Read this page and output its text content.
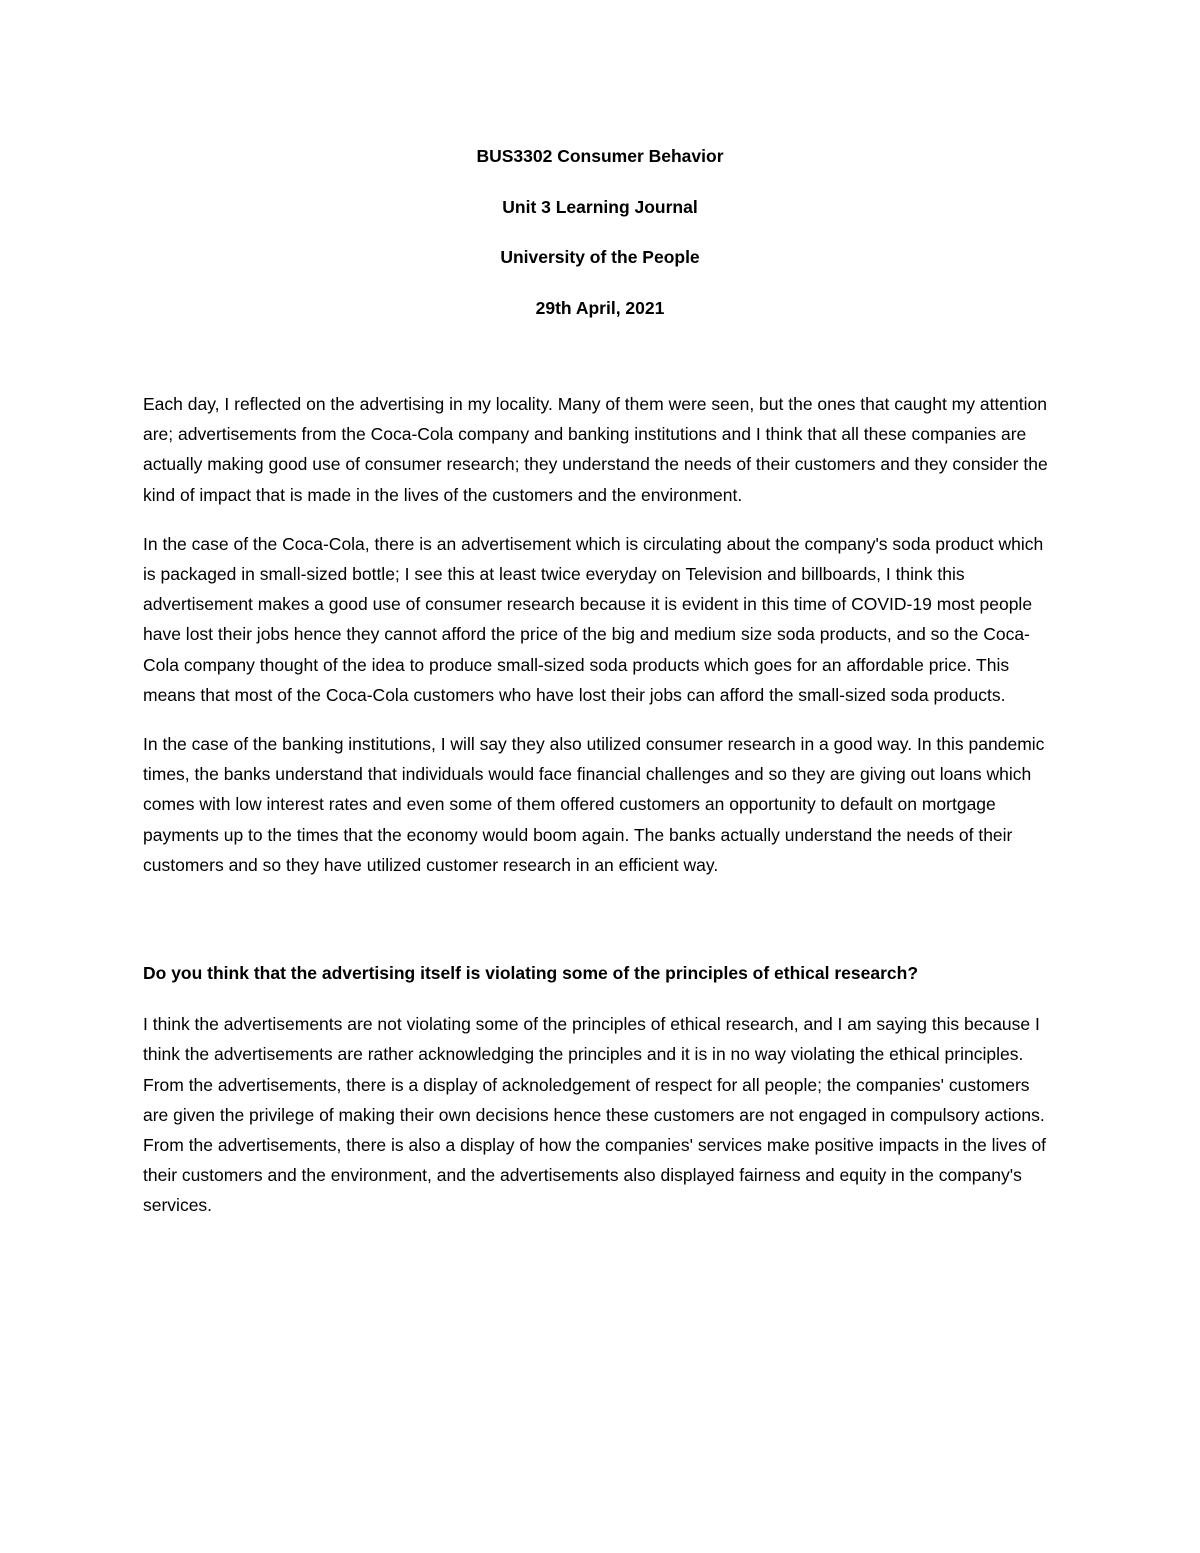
BUS3302 Consumer Behavior

Unit 3 Learning Journal

University of the People

29th April, 2021

Each day, I reflected on the advertising in my locality. Many of them were seen, but the ones that caught my attention are; advertisements from the Coca-Cola company and banking institutions and I think that all these companies are actually making good use of consumer research; they understand the needs of their customers and they consider the kind of impact that is made in the lives of the customers and the environment.

In the case of the Coca-Cola, there is an advertisement which is circulating about the company's soda product which is packaged in small-sized bottle; I see this at least twice everyday on Television and billboards, I think this advertisement makes a good use of consumer research because it is evident in this time of COVID-19 most people have lost their jobs hence they cannot afford the price of the big and medium size soda products, and so the Coca-Cola company thought of the idea to produce small-sized soda products which goes for an affordable price. This means that most of the Coca-Cola customers who have lost their jobs can afford the small-sized soda products.

In the case of the banking institutions, I will say they also utilized consumer research in a good way. In this pandemic times, the banks understand that individuals would face financial challenges and so they are giving out loans which comes with low interest rates and even some of them offered customers an opportunity to default on mortgage payments up to the times that the economy would boom again. The banks actually understand the needs of their customers and so they have utilized customer research in an efficient way.

Do you think that the advertising itself is violating some of the principles of ethical research?

I think the advertisements are not violating some of the principles of ethical research, and I am saying this because I think the advertisements are rather acknowledging the principles and it is in no way violating the ethical principles. From the advertisements, there is a display of acknoledgement of respect for all people; the companies' customers are given the privilege of making their own decisions hence these customers are not engaged in compulsory actions. From the advertisements, there is also a display of how the companies' services make positive impacts in the lives of their customers and the environment, and the advertisements also displayed fairness and equity in the company's services.
